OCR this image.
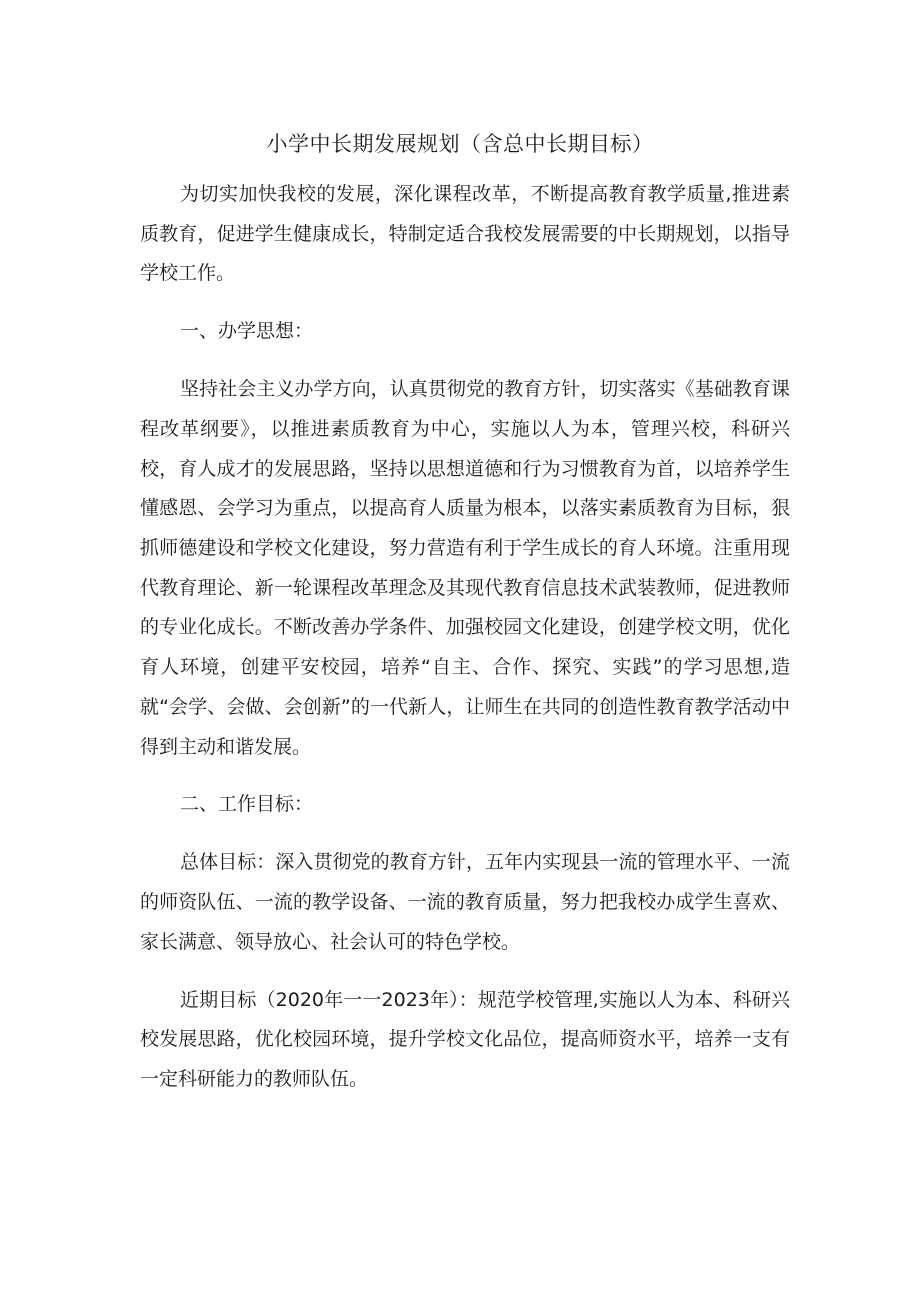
小学中长期发展规划（含总中长期目标）

为切实加快我校的发展，深化课程改革，不断提高教育教学质量,推进素质教育，促进学生健康成长，特制定适合我校发展需要的中长期规划，以指导学校工作。

一、办学思想：

坚持社会主义办学方向，认真贯彻党的教育方针，切实落实《基础教育课程改革纲要》，以推进素质教育为中心，实施以人为本，管理兴校，科研兴校，育人成才的发展思路，坚持以思想道德和行为习惯教育为首，以培养学生懂感恩、会学习为重点，以提高育人质量为根本，以落实素质教育为目标，狠抓师德建设和学校文化建设，努力营造有利于学生成长的育人环境。注重用现代教育理论、新一轮课程改革理念及其现代教育信息技术武装教师，促进教师的专业化成长。不断改善办学条件、加强校园文化建设，创建学校文明，优化育人环境，创建平安校园，培养“自主、合作、探究、实践”的学习思想,造就“会学、会做、会创新”的一代新人，让师生在共同的创造性教育教学活动中得到主动和谐发展。

二、工作目标：

总体目标：深入贯彻党的教育方针，五年内实现县一流的管理水平、一流的师资队伍、一流的教学设备、一流的教育质量，努力把我校办成学生喜欢、家长满意、领导放心、社会认可的特色学校。

近期目标（2020年一一2023年）：规范学校管理,实施以人为本、科研兴校发展思路，优化校园环境，提升学校文化品位，提高师资水平，培养一支有一定科研能力的教师队伍。
